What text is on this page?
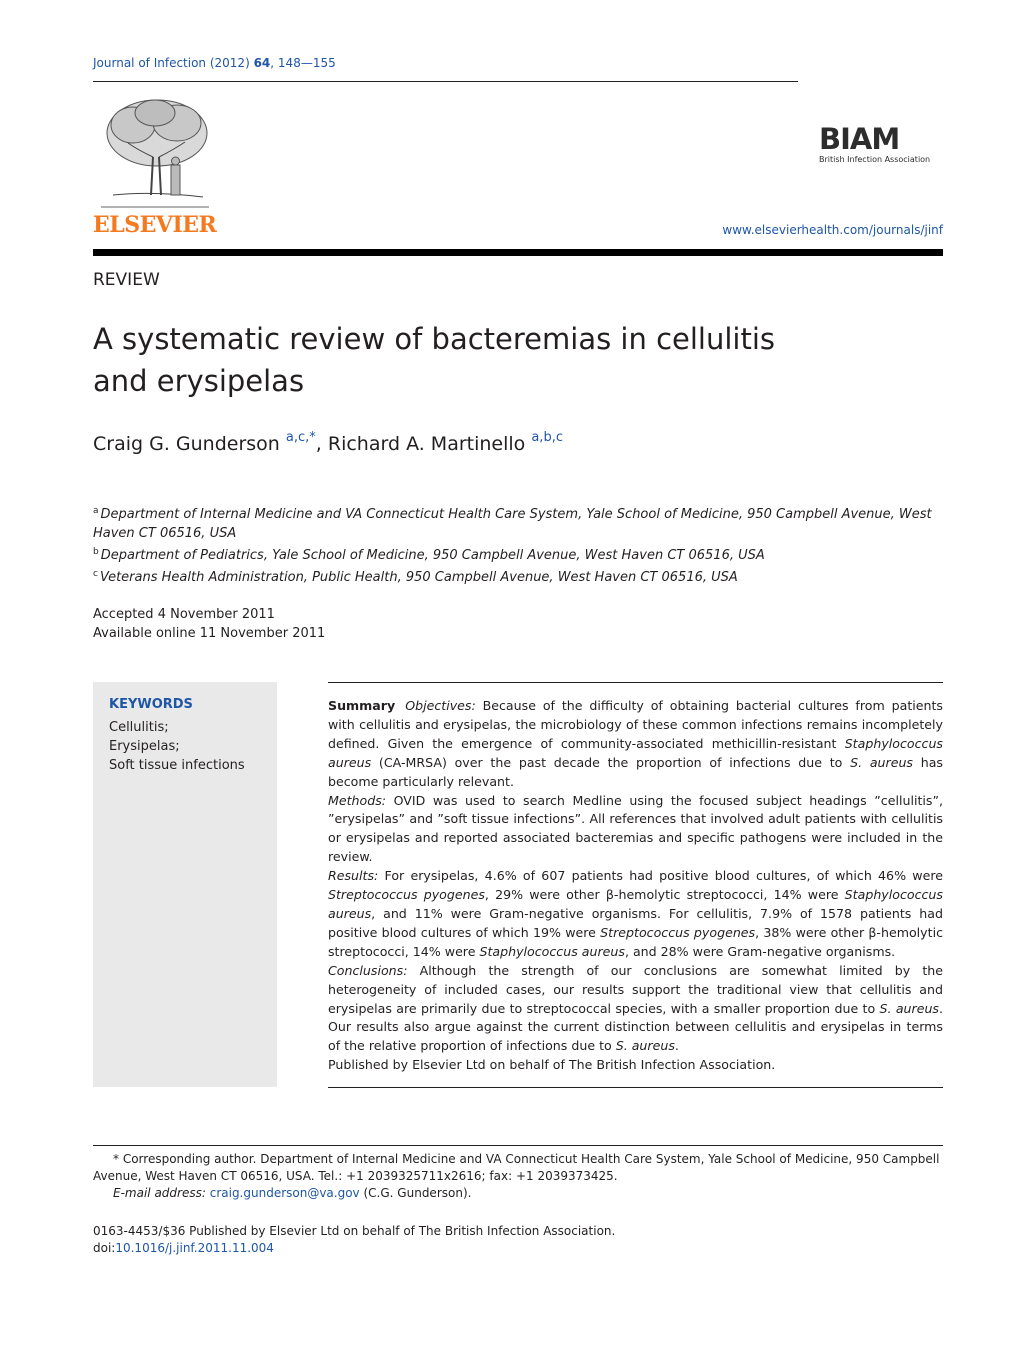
Journal of Infection (2012) 64, 148—155
ELSEVIER
BIAM
British Infection Association
www.elsevierhealth.com/journals/jinf
REVIEW
A systematic review of bacteremias in cellulitis
and erysipelas
Craig G. Gunderson $^{a,c,*}$, Richard A. Martinello $^{a,b,c}$
$^a$ Department of Internal Medicine and VA Connecticut Health Care System, Yale School of Medicine, 950 Campbell Avenue, West Haven CT 06516, USA
$^b$ Department of Pediatrics, Yale School of Medicine, 950 Campbell Avenue, West Haven CT 06516, USA
$^c$ Veterans Health Administration, Public Health, 950 Campbell Avenue, West Haven CT 06516, USA
Accepted 4 November 2011
Available online 11 November 2011
KEYWORDS
Cellulitis;
Erysipelas;
Soft tissue infections

Summary Objectives: Because of the difficulty of obtaining bacterial cultures from patients with cellulitis and erysipelas, the microbiology of these common infections remains incompletely defined. Given the emergence of community-associated methicillin-resistant Staphylococcus aureus (CA-MRSA) over the past decade the proportion of infections due to S. aureus has become particularly relevant.

Methods: OVID was used to search Medline using the focused subject headings ”cellulitis”, ”erysipelas” and ”soft tissue infections”. All references that involved adult patients with cellulitis or erysipelas and reported associated bacteremias and specific pathogens were included in the review.

Results: For erysipelas, 4.6% of 607 patients had positive blood cultures, of which 46% were Streptococcus pyogenes, 29% were other β-hemolytic streptococci, 14% were Staphylococcus aureus, and 11% were Gram-negative organisms. For cellulitis, 7.9% of 1578 patients had positive blood cultures of which 19% were Streptococcus pyogenes, 38% were other β-hemolytic streptococci, 14% were Staphylococcus aureus, and 28% were Gram-negative organisms.

Conclusions: Although the strength of our conclusions are somewhat limited by the heterogeneity of included cases, our results support the traditional view that cellulitis and erysipelas are primarily due to streptococcal species, with a smaller proportion due to S. aureus. Our results also argue against the current distinction between cellulitis and erysipelas in terms of the relative proportion of infections due to S. aureus.

Published by Elsevier Ltd on behalf of The British Infection Association.

* Corresponding author. Department of Internal Medicine and VA Connecticut Health Care System, Yale School of Medicine, 950 Campbell Avenue, West Haven CT 06516, USA. Tel.: +1 2039325711x2616; fax: +1 2039373425.

E-mail address: craig.gunderson@va.gov (C.G. Gunderson).

0163-4453/$36 Published by Elsevier Ltd on behalf of The British Infection Association.
doi:10.1016/j.jinf.2011.11.004
